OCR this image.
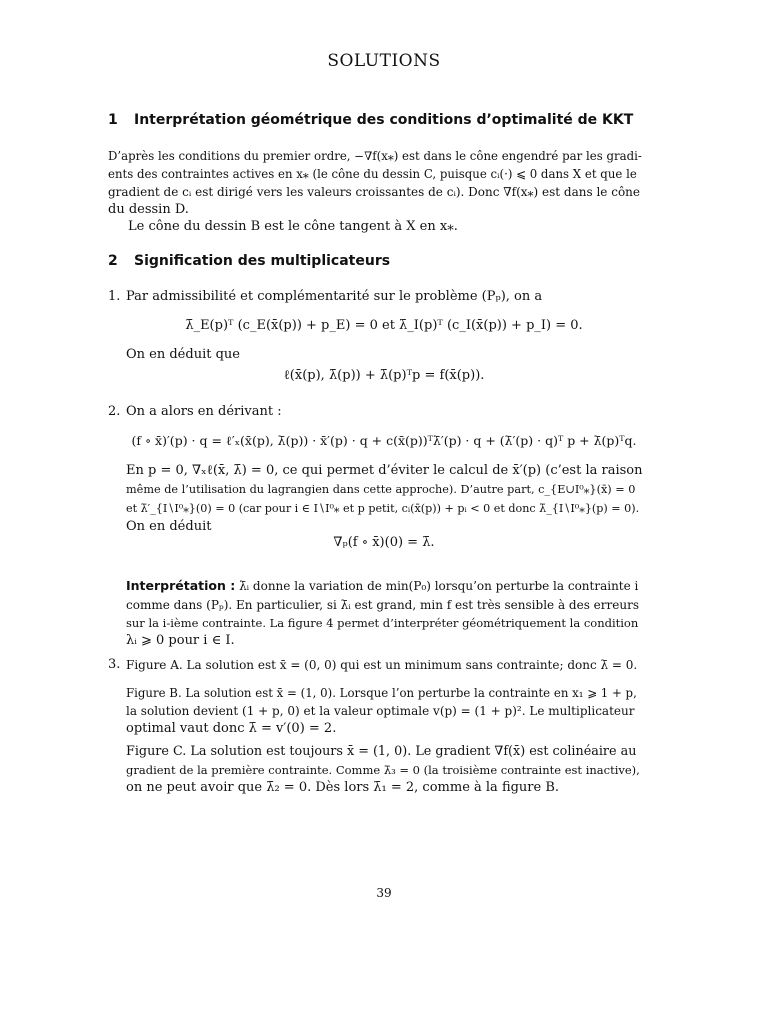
SOLUTIONS
1 Interprétation géométrique des conditions d’optimalité de KKT
D’après les conditions du premier ordre, −∇f(x⁎) est dans le cône engendré par les gradi-
ents des contraintes actives en x⁎ (le cône du dessin C, puisque cᵢ(·) ⩽ 0 dans X et que le
gradient de cᵢ est dirigé vers les valeurs croissantes de cᵢ). Donc ∇f(x⁎) est dans le cône
du dessin D.
Le cône du dessin B est le cône tangent à X en x⁎.
2 Signification des multiplicateurs
1. Par admissibilité et complémentarité sur le problème (Pₚ), on a
λ̄_E(p)ᵀ (c_E(x̄(p)) + p_E) = 0 et λ̄_I(p)ᵀ (c_I(x̄(p)) + p_I) = 0.
On en déduit que
ℓ(x̄(p), λ̄(p)) + λ̄(p)ᵀp = f(x̄(p)).
2. On a alors en dérivant :
(f ∘ x̄)′(p) · q = ℓ′ₓ(x̄(p), λ̄(p)) · x̄′(p) · q + c(x̄(p))ᵀλ̄′(p) · q + (λ̄′(p) · q)ᵀ p + λ̄(p)ᵀq.
En p = 0, ∇ₓℓ(x̄, λ̄) = 0, ce qui permet d’éviter le calcul de x̄′(p) (c’est la raison
même de l’utilisation du lagrangien dans cette approche). D’autre part, c_{E∪I⁰⁎}(x̄) = 0
et λ̄′_{I∖I⁰⁎}(0) = 0 (car pour i ∈ I∖I⁰⁎ et p petit, cᵢ(x̄(p)) + pᵢ < 0 et donc λ̄_{I∖I⁰⁎}(p) = 0).
On en déduit
∇ₚ(f ∘ x̄)(0) = λ̄.
Interprétation : λ̄ᵢ donne la variation de min(P₀) lorsqu’on perturbe la contrainte i
comme dans (Pₚ). En particulier, si λ̄ᵢ est grand, min f est très sensible à des erreurs
sur la i-ième contrainte. La figure 4 permet d’interpréter géométriquement la condition
λᵢ ⩾ 0 pour i ∈ I.
3. Figure A. La solution est x̄ = (0, 0) qui est un minimum sans contrainte; donc λ̄ = 0.
Figure B. La solution est x̄ = (1, 0). Lorsque l’on perturbe la contrainte en x₁ ⩾ 1 + p,
la solution devient (1 + p, 0) et la valeur optimale v(p) = (1 + p)². Le multiplicateur
optimal vaut donc λ̄ = v′(0) = 2.
Figure C. La solution est toujours x̄ = (1, 0). Le gradient ∇f(x̄) est colinéaire au
gradient de la première contrainte. Comme λ̄₃ = 0 (la troisième contrainte est inactive),
on ne peut avoir que λ̄₂ = 0. Dès lors λ̄₁ = 2, comme à la figure B.
39
